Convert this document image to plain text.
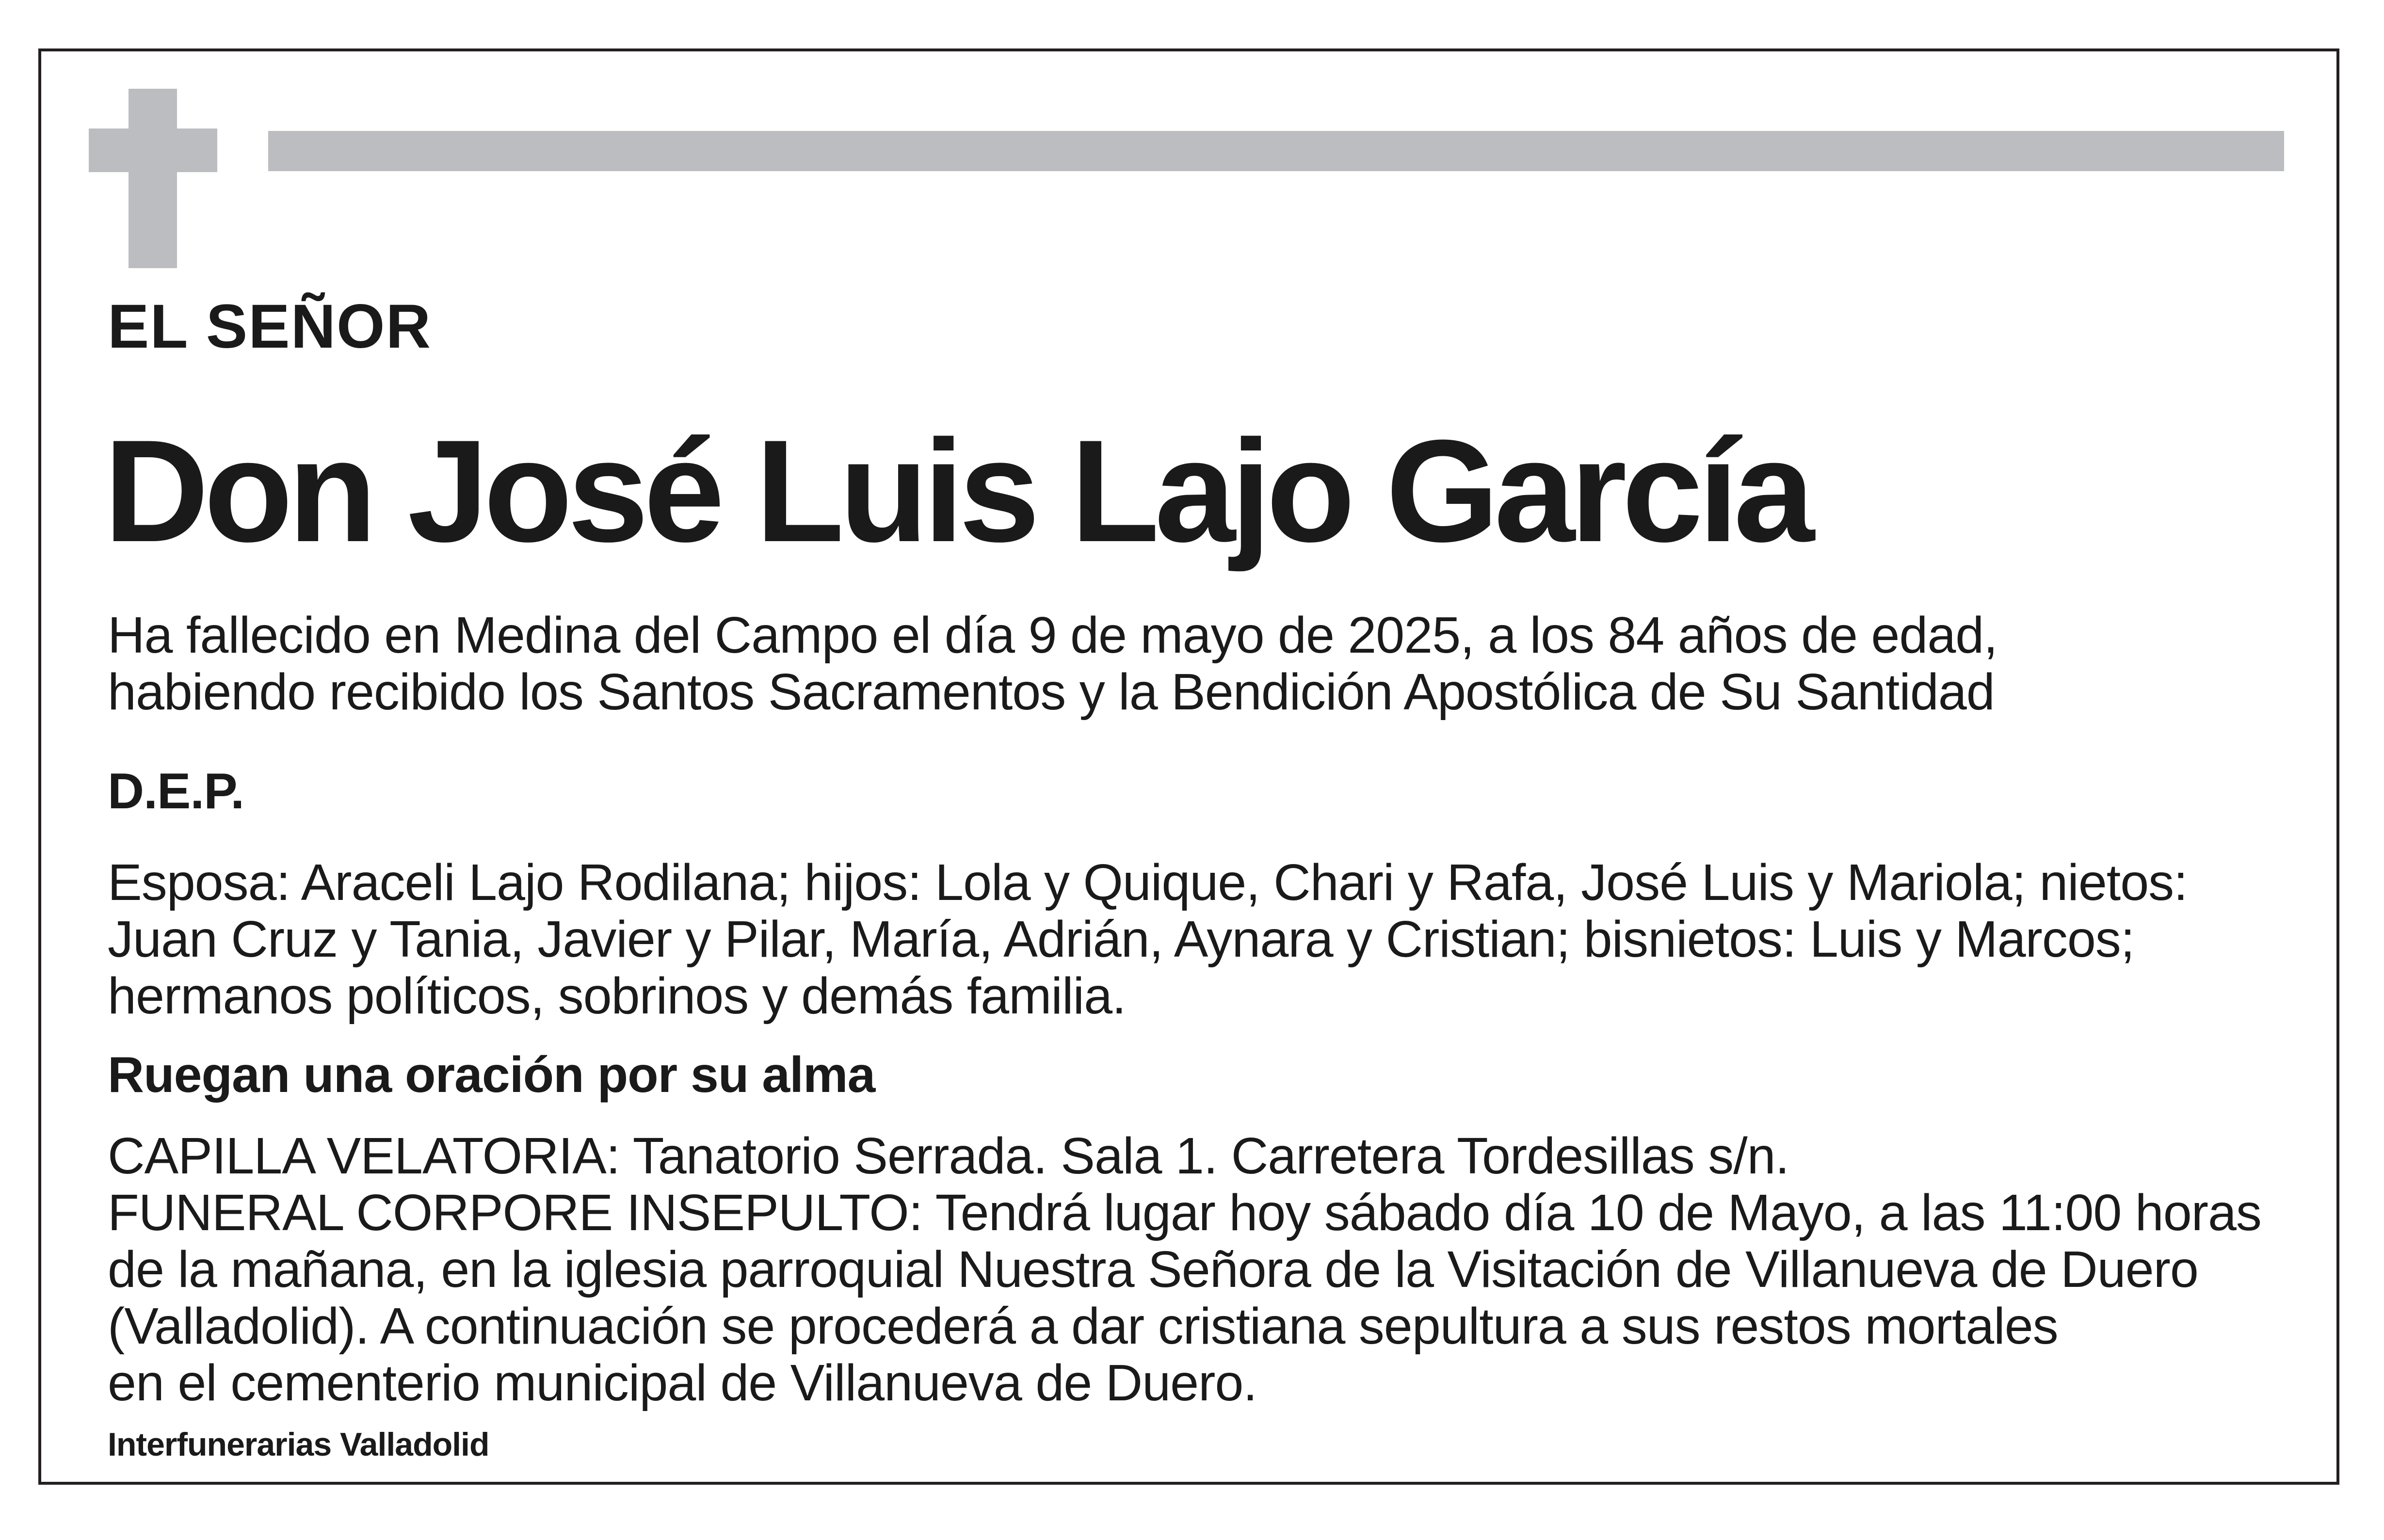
EL SEÑOR
Don José Luis Lajo García
Ha fallecido en Medina del Campo el día 9 de mayo de 2025, a los 84 años de edad,
habiendo recibido los Santos Sacramentos y la Bendición Apostólica de Su Santidad
D.E.P.
Esposa: Araceli Lajo Rodilana; hijos: Lola y Quique, Chari y Rafa, José Luis y Mariola; nietos:
Juan Cruz y Tania, Javier y Pilar, María, Adrián, Aynara y Cristian; bisnietos: Luis y Marcos;
hermanos políticos, sobrinos y demás familia.
Ruegan una oración por su alma
CAPILLA VELATORIA: Tanatorio Serrada. Sala 1. Carretera Tordesillas s/n.
FUNERAL CORPORE INSEPULTO: Tendrá lugar hoy sábado día 10 de Mayo, a las 11:00 horas
de la mañana, en la iglesia parroquial Nuestra Señora de la Visitación de Villanueva de Duero
(Valladolid). A continuación se procederá a dar cristiana sepultura a sus restos mortales
en el cementerio municipal de Villanueva de Duero.
Interfunerarias Valladolid
